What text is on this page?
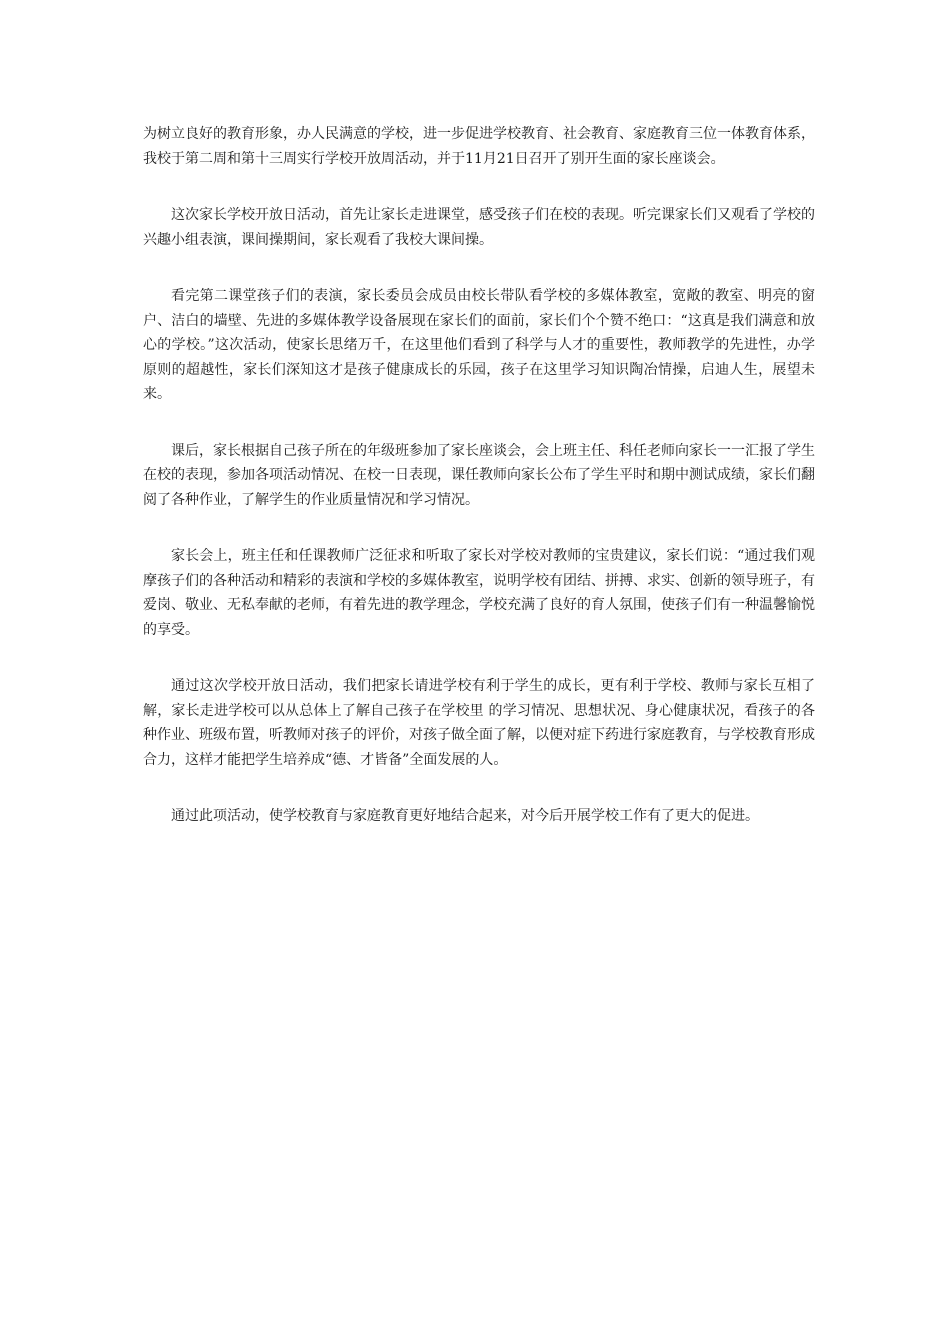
为树立良好的教育形象，办人民满意的学校，进一步促进学校教育、社会教育、家庭教育三位一体教育体系，我校于第二周和第十三周实行学校开放周活动，并于11月21日召开了别开生面的家长座谈会。

这次家长学校开放日活动，首先让家长走进课堂，感受孩子们在校的表现。听完课家长们又观看了学校的兴趣小组表演，课间操期间，家长观看了我校大课间操。

看完第二课堂孩子们的表演，家长委员会成员由校长带队看学校的多媒体教室，宽敞的教室、明亮的窗户、洁白的墙壁、先进的多媒体教学设备展现在家长们的面前，家长们个个赞不绝口：“这真是我们满意和放心的学校。”这次活动，使家长思绪万千，在这里他们看到了科学与人才的重要性，教师教学的先进性，办学原则的超越性，家长们深知这才是孩子健康成长的乐园，孩子在这里学习知识陶冶情操，启迪人生，展望未来。

课后，家长根据自己孩子所在的年级班参加了家长座谈会，会上班主任、科任老师向家长一一汇报了学生在校的表现，参加各项活动情况、在校一日表现，课任教师向家长公布了学生平时和期中测试成绩，家长们翻阅了各种作业，了解学生的作业质量情况和学习情况。

家长会上，班主任和任课教师广泛征求和听取了家长对学校对教师的宝贵建议，家长们说：“通过我们观摩孩子们的各种活动和精彩的表演和学校的多媒体教室，说明学校有团结、拼搏、求实、创新的领导班子，有爱岗、敬业、无私奉献的老师，有着先进的教学理念，学校充满了良好的育人氛围，使孩子们有一种温馨愉悦的享受。

通过这次学校开放日活动，我们把家长请进学校有利于学生的成长，更有利于学校、教师与家长互相了解，家长走进学校可以从总体上了解自己孩子在学校里 的学习情况、思想状况、身心健康状况，看孩子的各种作业、班级布置，听教师对孩子的评价，对孩子做全面了解，以便对症下药进行家庭教育，与学校教育形成合力，这样才能把学生培养成“德、才皆备”全面发展的人。

通过此项活动，使学校教育与家庭教育更好地结合起来，对今后开展学校工作有了更大的促进。
